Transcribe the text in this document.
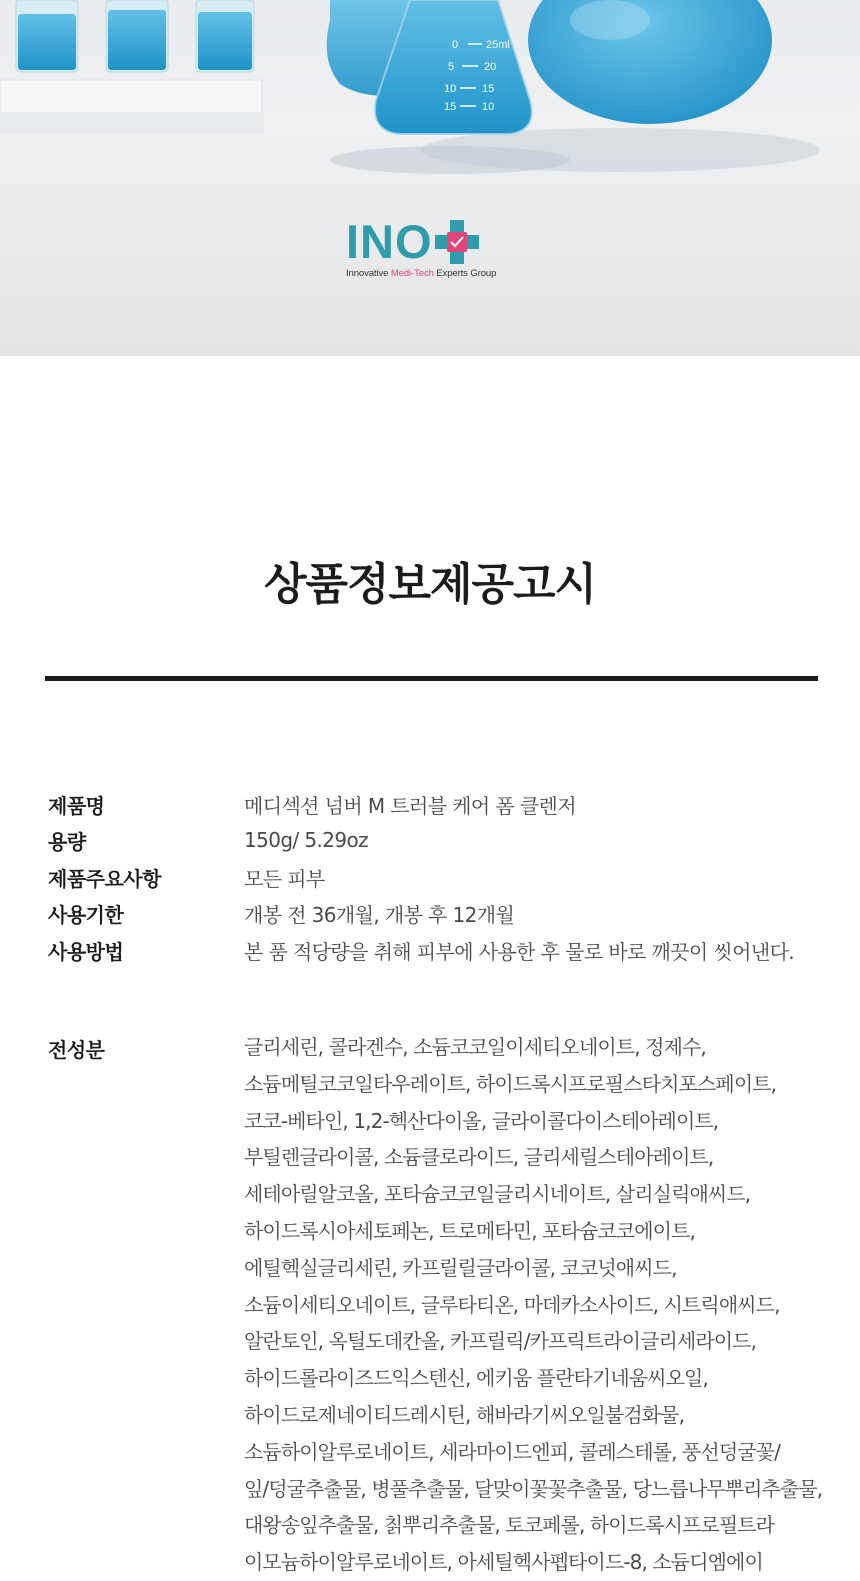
0	25ml
5	20
10 15
15 10
INO
Innovative Medi-Tech Experts Group
상품정보제공고시
제품명	메디섹션 넘버 M 트러블 케어 폼 클렌저
용량	150g/ 5.29oz
제품주요사항	모든 피부
사용기한	개봉 전 36개월, 개봉 후 12개월
사용방법	본 품 적당량을 취해 피부에 사용한 후 물로 바로 깨끗이 씻어낸다.
전성분	글리세린, 콜라겐수, 소듐코코일이세티오네이트, 정제수,
소듐메틸코코일타우레이트, 하이드록시프로필스타치포스페이트,
코코-베타인, 1,2-헥산다이올, 글라이콜다이스테아레이트,
부틸렌글라이콜, 소듐클로라이드, 글리세릴스테아레이트,
세테아릴알코올, 포타슘코코일글리시네이트, 살리실릭애씨드,
하이드록시아세토페논, 트로메타민, 포타슘코코에이트,
에틸헥실글리세린, 카프릴릴글라이콜, 코코넛애씨드,
소듐이세티오네이트, 글루타티온, 마데카소사이드, 시트릭애씨드,
알란토인, 옥틸도데칸올, 카프릴릭/카프릭트라이글리세라이드,
하이드롤라이즈드익스텐신, 에키움 플란타기네움씨오일,
하이드로제네이티드레시틴, 해바라기씨오일불검화물,
소듐하이알루로네이트, 세라마이드엔피, 콜레스테롤, 풍선덩굴꽃/
잎/덩굴추출물, 병풀추출물, 달맞이꽃꽃추출물, 당느릅나무뿌리추출물,
대왕송잎추출물, 칡뿌리추출물, 토코페롤, 하이드록시프로필트라
이모늄하이알루로네이트, 아세틸헥사펩타이드-8, 소듐디엠에이
